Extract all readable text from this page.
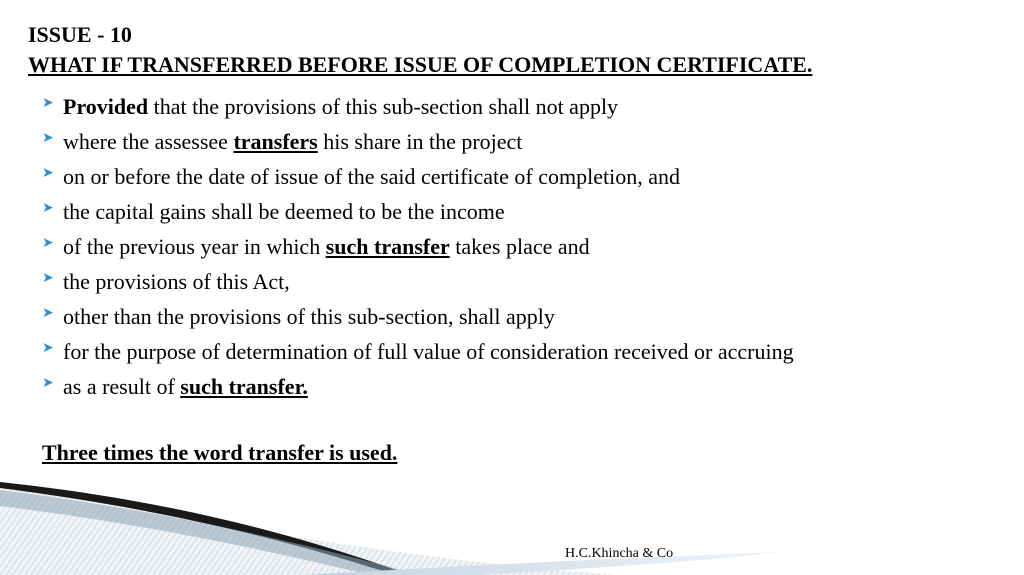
ISSUE - 10
WHAT IF TRANSFERRED BEFORE ISSUE OF COMPLETION CERTIFICATE.
➤ Provided that the provisions of this sub-section shall not apply
➤ where the assessee transfers his share in the project
➤ on or before the date of issue of the said certificate of completion, and
➤ the capital gains shall be deemed to be the income
➤ of the previous year in which such transfer takes place and
➤ the provisions of this Act,
➤ other than the provisions of this sub-section, shall apply
➤ for the purpose of determination of full value of consideration received or accruing
➤ as a result of such transfer.
Three times the word transfer is used.
H.C.Khincha & Co
